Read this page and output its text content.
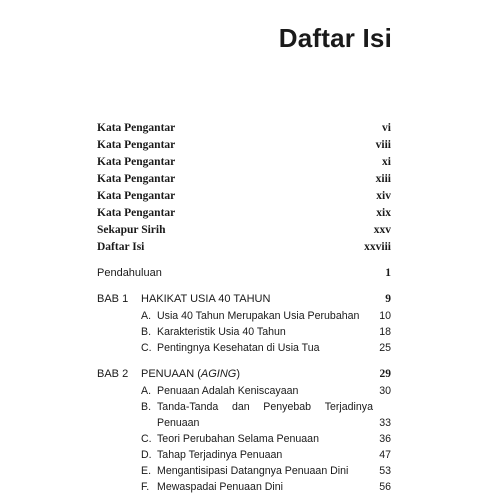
Daftar Isi
Kata Pengantar	vi
Kata Pengantar	viii
Kata Pengantar	xi
Kata Pengantar	xiii
Kata Pengantar	xiv
Kata Pengantar	xix
Sekapur Sirih	xxv
Daftar Isi	xxviii
Pendahuluan	1
BAB 1 HAKIKAT USIA 40 TAHUN	9
A. Usia 40 Tahun Merupakan Usia Perubahan 10
B. Karakteristik Usia 40 Tahun	18
C. Pentingnya Kesehatan di Usia Tua	25
BAB 2 PENUAAN (AGING)	29
A. Penuaan Adalah Keniscayaan	30
B. Tanda-Tanda dan Penyebab Terjadinya
Penuaan	33
C. Teori Perubahan Selama Penuaan	36
D. Tahap Terjadinya Penuaan	47
E. Mengantisipasi Datangnya Penuaan Dini	53
F. Mewaspadai Penuaan Dini	56
